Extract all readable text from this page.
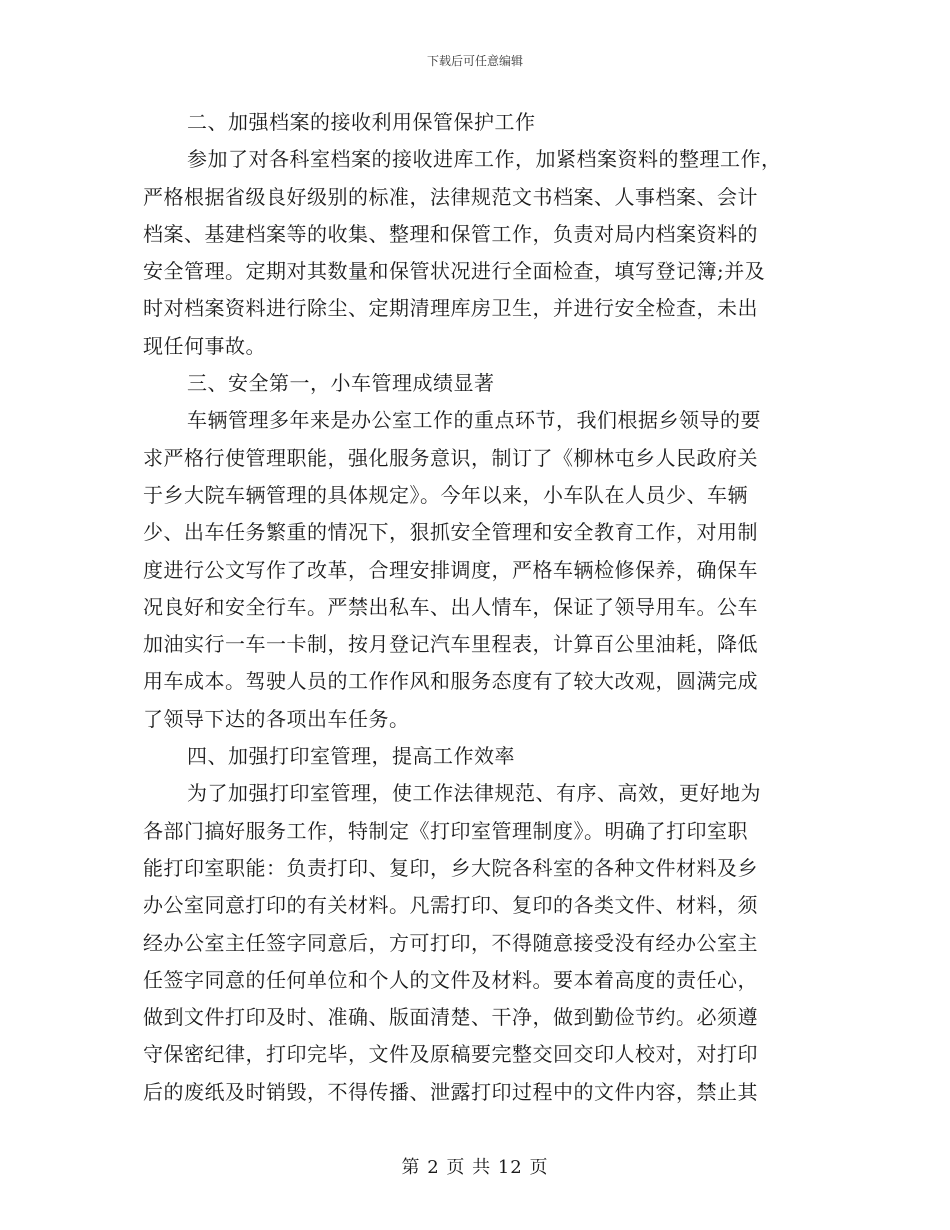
下载后可任意编辑
二、加强档案的接收利用保管保护工作
参加了对各科室档案的接收进库工作，加紧档案资料的整理工作，
严格根据省级良好级别的标准，法律规范文书档案、人事档案、会计
档案、基建档案等的收集、整理和保管工作，负责对局内档案资料的
安全管理。定期对其数量和保管状况进行全面检查，填写登记簿;并及
时对档案资料进行除尘、定期清理库房卫生，并进行安全检查，未出
现任何事故。
三、安全第一，小车管理成绩显著
车辆管理多年来是办公室工作的重点环节，我们根据乡领导的要
求严格行使管理职能，强化服务意识，制订了《柳林屯乡人民政府关
于乡大院车辆管理的具体规定》。今年以来，小车队在人员少、车辆
少、出车任务繁重的情况下，狠抓安全管理和安全教育工作，对用制
度进行公文写作了改革，合理安排调度，严格车辆检修保养，确保车
况良好和安全行车。严禁出私车、出人情车，保证了领导用车。公车
加油实行一车一卡制，按月登记汽车里程表，计算百公里油耗，降低
用车成本。驾驶人员的工作作风和服务态度有了较大改观，圆满完成
了领导下达的各项出车任务。
四、加强打印室管理，提高工作效率
为了加强打印室管理，使工作法律规范、有序、高效，更好地为
各部门搞好服务工作，特制定《打印室管理制度》。明确了打印室职
能打印室职能：负责打印、复印，乡大院各科室的各种文件材料及乡
办公室同意打印的有关材料。凡需打印、复印的各类文件、材料，须
经办公室主任签字同意后，方可打印，不得随意接受没有经办公室主
任签字同意的任何单位和个人的文件及材料。要本着高度的责任心，
做到文件打印及时、准确、版面清楚、干净，做到勤俭节约。必须遵
守保密纪律，打印完毕，文件及原稿要完整交回交印人校对，对打印
后的废纸及时销毁，不得传播、泄露打印过程中的文件内容，禁止其
第 2 页 共 12 页
